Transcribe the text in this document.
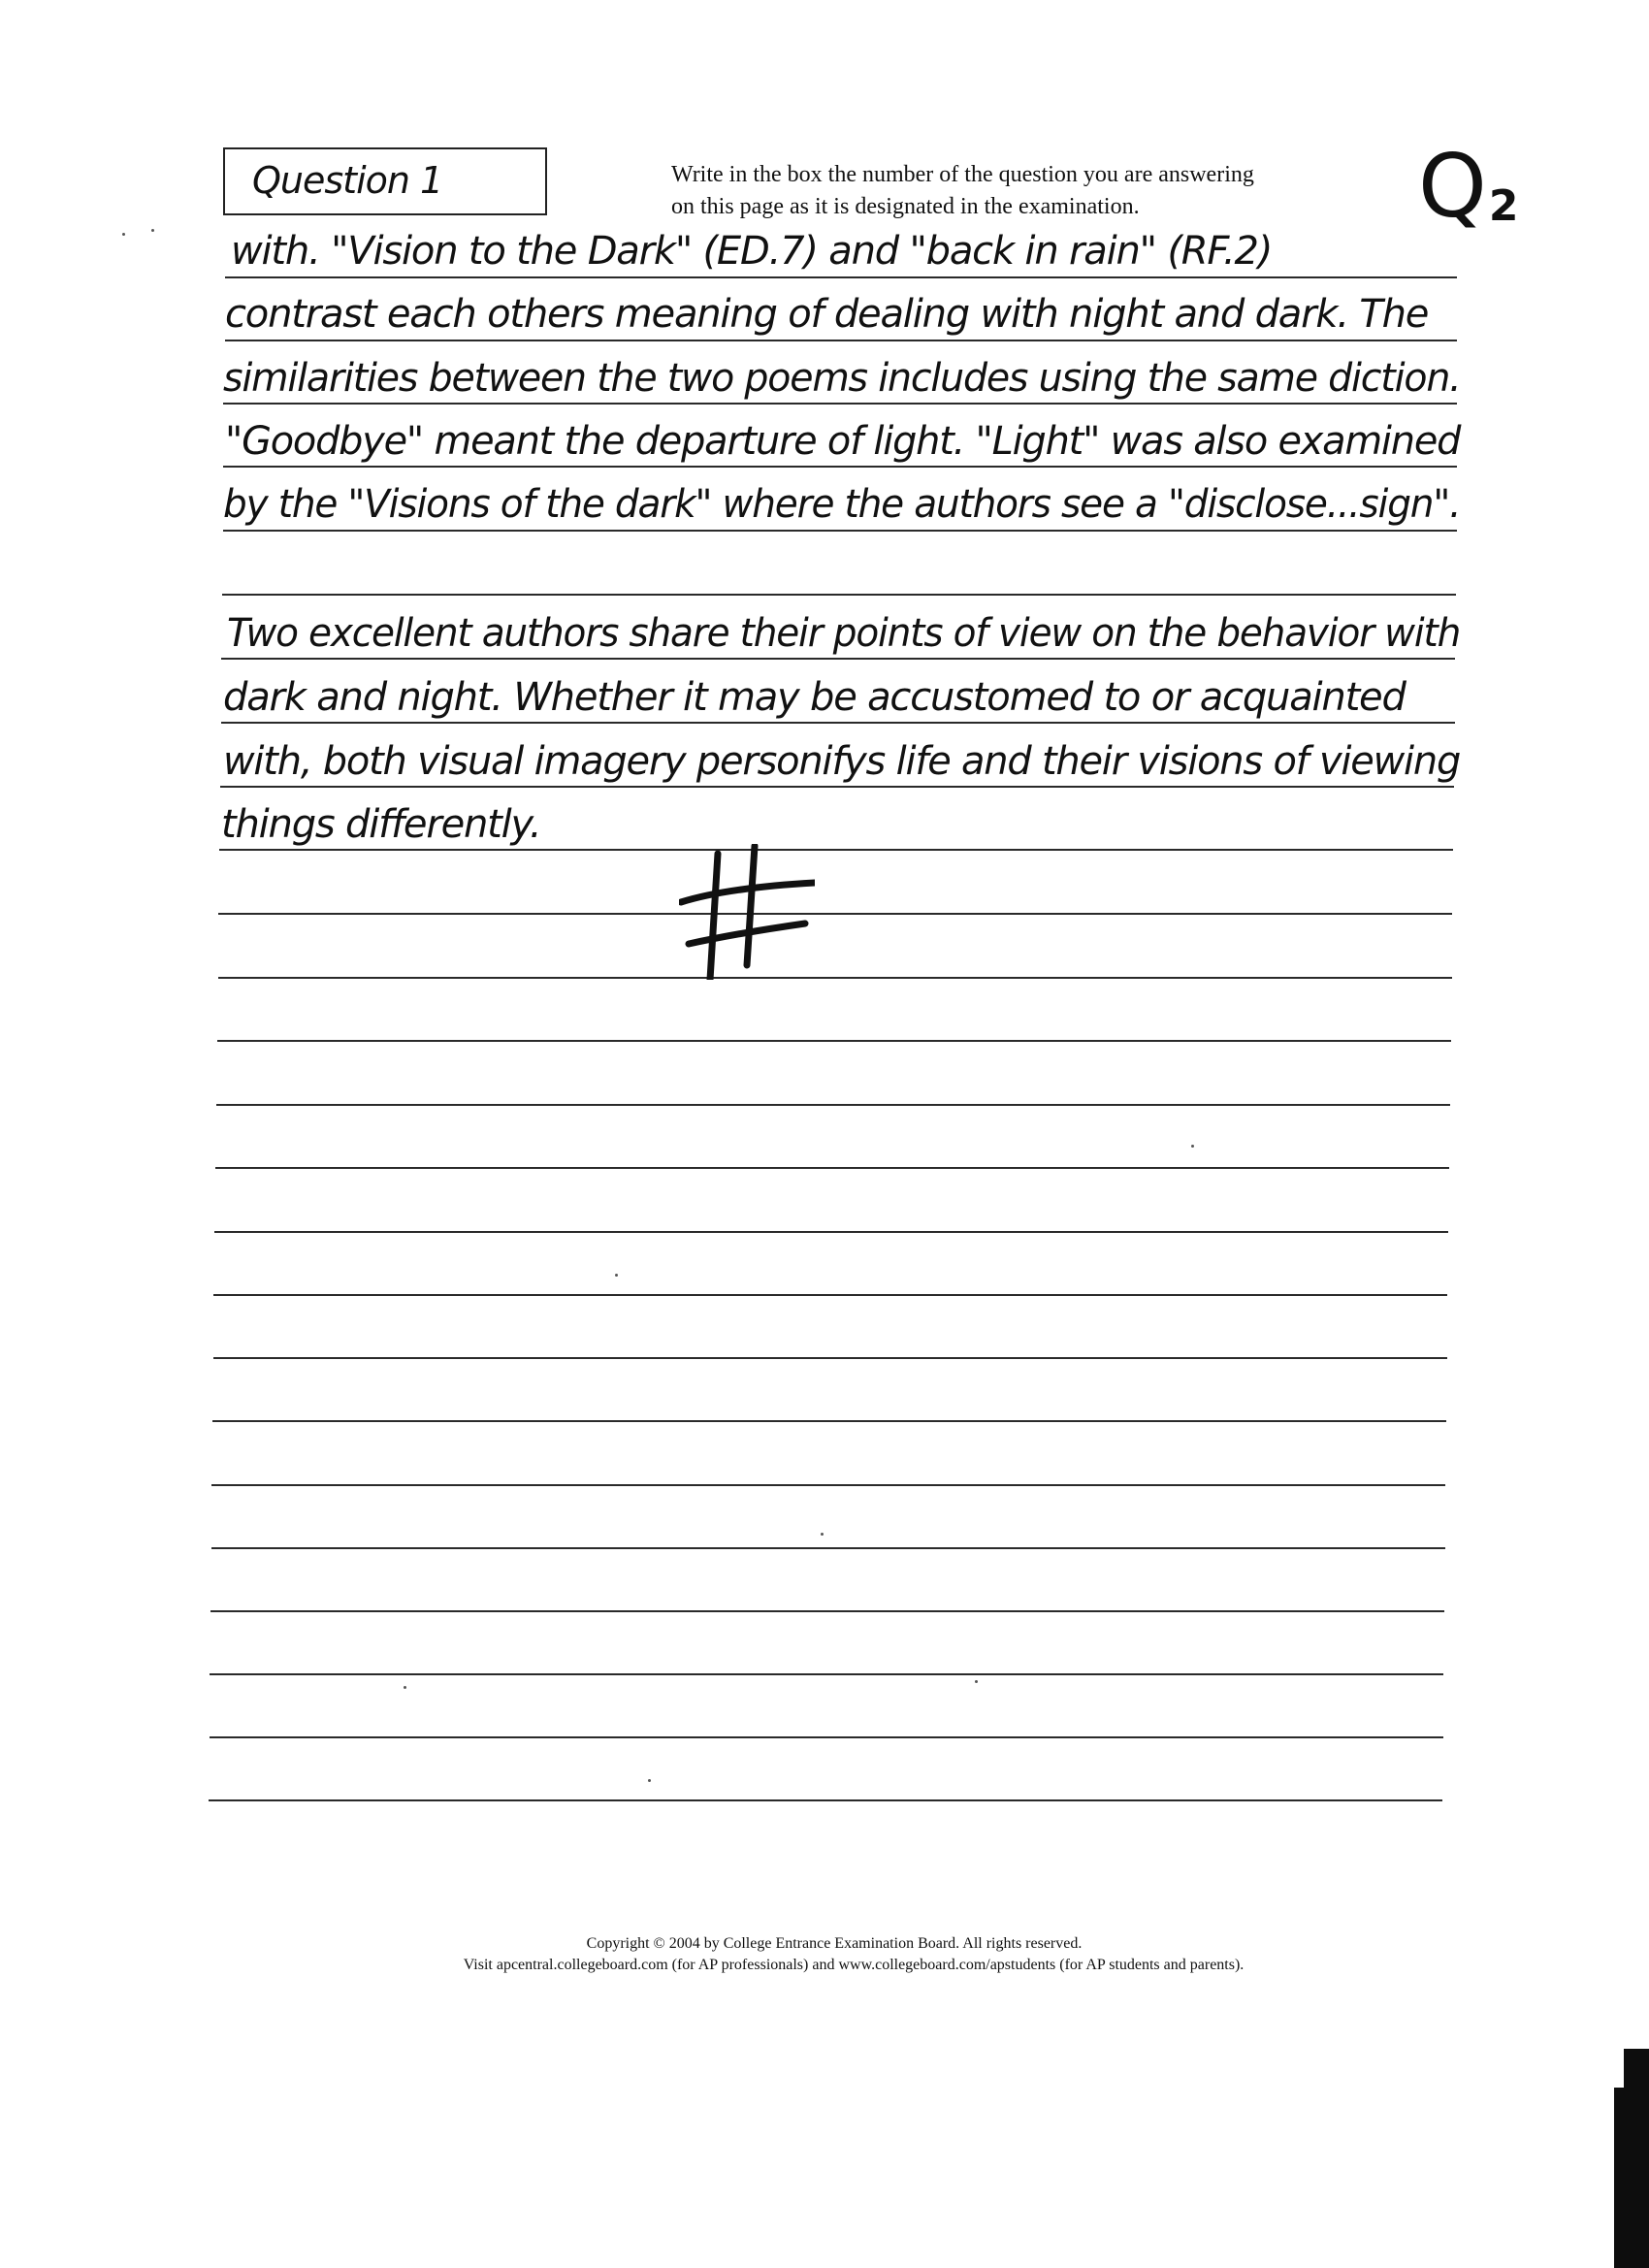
Question 1	Write in the box the number of the question you are answering
on this page as it is designated in the examination.	Q2
with. "Vision to the Dark" (ED.7) and "back in rain" (RF.2)
contrast each others meaning of dealing with night and dark. The
similarities between the two poems includes using the same diction.
"Goodbye" meant the departure of light. "Light" was also examined
by the "Visions of the dark" where the authors see a "disclose...sign".
Two excellent authors share their points of view on the behavior with
dark and night. Whether it may be accustomed to or acquainted
with, both visual imagery personifys life and their visions of viewing
things differently.
Copyright © 2004 by College Entrance Examination Board. All rights reserved.
Visit apcentral.collegeboard.com (for AP professionals) and www.collegeboard.com/apstudents (for AP students and parents).
